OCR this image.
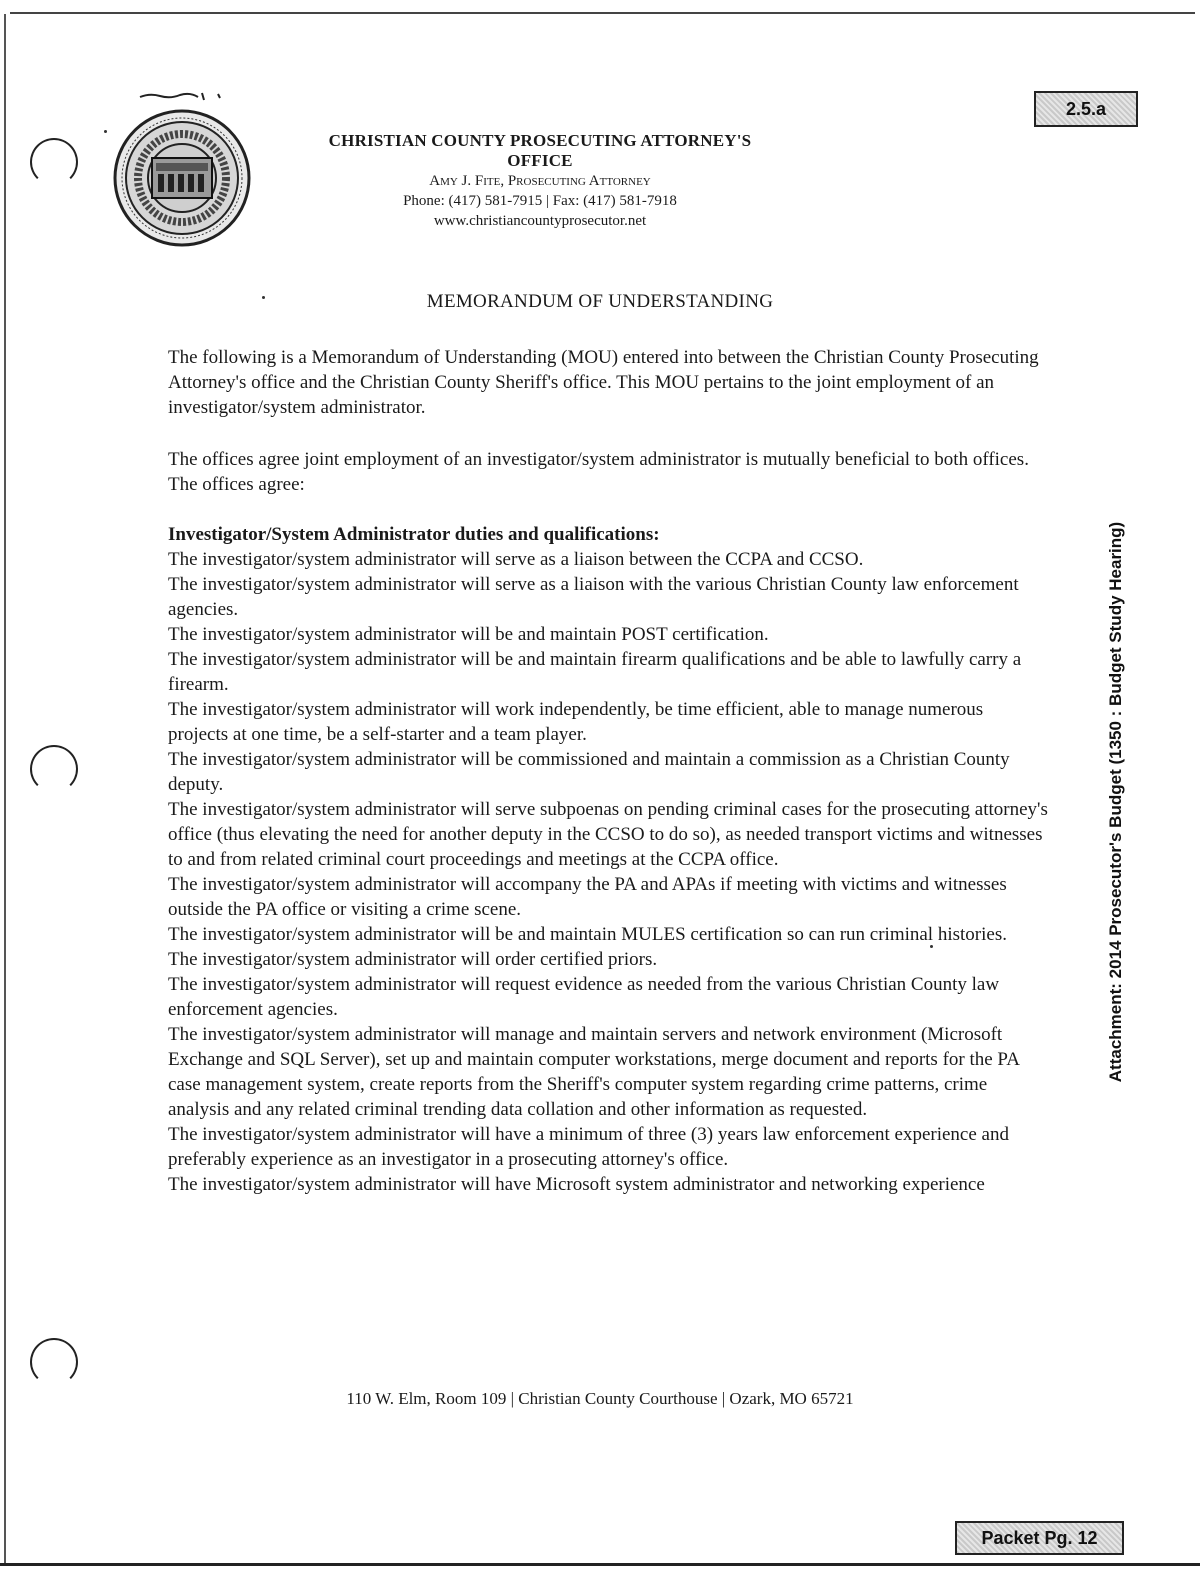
CHRISTIAN COUNTY PROSECUTING ATTORNEY'S OFFICE
Amy J. Fite, Prosecuting Attorney
Phone: (417) 581-7915 | Fax: (417) 581-7918
www.christiancountyprosecutor.net
2.5.a
Attachment: 2014 Prosecutor's Budget (1350 : Budget Study Hearing)
MEMORANDUM OF UNDERSTANDING

The following is a Memorandum of Understanding (MOU) entered into between the Christian County Prosecuting Attorney's office and the Christian County Sheriff's office. This MOU pertains to the joint employment of an investigator/system administrator.

The offices agree joint employment of an investigator/system administrator is mutually beneficial to both offices. The offices agree:

Investigator/System Administrator duties and qualifications:

The investigator/system administrator will serve as a liaison between the CCPA and CCSO.

The investigator/system administrator will serve as a liaison with the various Christian County law enforcement agencies.

The investigator/system administrator will be and maintain POST certification.

The investigator/system administrator will be and maintain firearm qualifications and be able to lawfully carry a firearm.

The investigator/system administrator will work independently, be time efficient, able to manage numerous projects at one time, be a self-starter and a team player.

The investigator/system administrator will be commissioned and maintain a commission as a Christian County deputy.

The investigator/system administrator will serve subpoenas on pending criminal cases for the prosecuting attorney's office (thus elevating the need for another deputy in the CCSO to do so), as needed transport victims and witnesses to and from related criminal court proceedings and meetings at the CCPA office.

The investigator/system administrator will accompany the PA and APAs if meeting with victims and witnesses outside the PA office or visiting a crime scene.

The investigator/system administrator will be and maintain MULES certification so can run criminal histories.

The investigator/system administrator will order certified priors.

The investigator/system administrator will request evidence as needed from the various Christian County law enforcement agencies.

The investigator/system administrator will manage and maintain servers and network environment (Microsoft Exchange and SQL Server), set up and maintain computer workstations, merge document and reports for the PA case management system, create reports from the Sheriff's computer system regarding crime patterns, crime analysis and any related criminal trending data collation and other information as requested.

The investigator/system administrator will have a minimum of three (3) years law enforcement experience and preferably experience as an investigator in a prosecuting attorney's office.

The investigator/system administrator will have Microsoft system administrator and networking experience

110 W. Elm, Room 109 | Christian County Courthouse | Ozark, MO 65721
Packet Pg. 12
